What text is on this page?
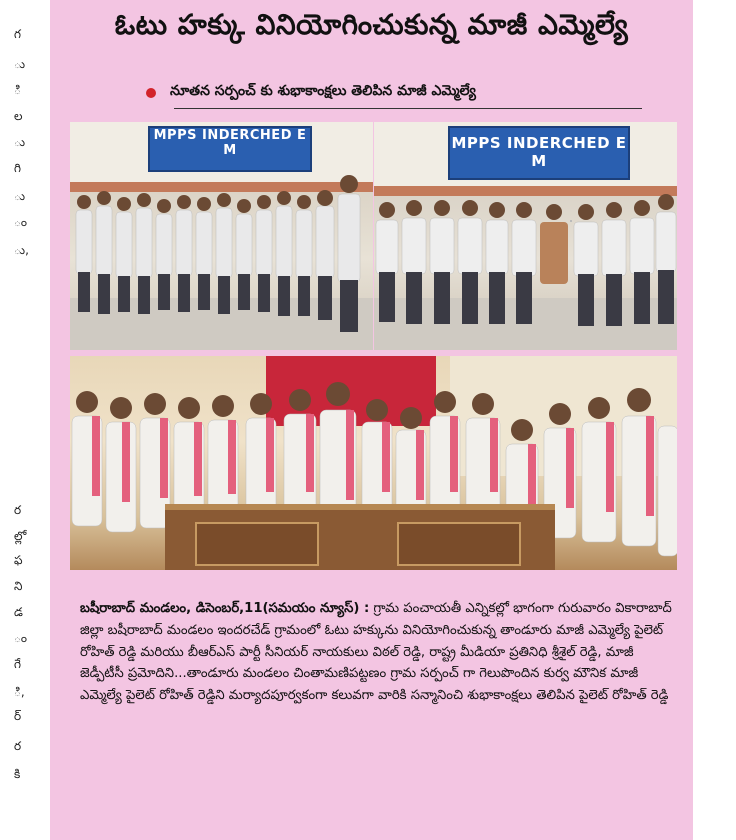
గ
ు
ి
ల
ు
గి
ు
ం
ు,
ర
ల్లో
ఫ
ని
డ
ం
గే
ి,
ర్
ర
కి
ఓటు హక్కు వినియోగించుకున్న మాజీ ఎమ్మెల్యే
నూతన సర్పంచ్ కు శుభాకాంక్షలు తెలిపిన మాజీ ఎమ్మెల్యే
MPPS INDERCHED E M	MPPS INDERCHED E M
బషీరాబాద్ మండలం, డిసెంబర్,11(సమయం న్యూస్) : గ్రామ పంచాయతీ ఎన్నికల్లో భాగంగా గురువారం వికారాబాద్ జిల్లా బషీరాబాద్ మండలం ఇందరచేడ్ గ్రామంలో ఓటు హక్కును వినియోగించుకున్న తాండూరు మాజీ ఎమ్మెల్యే పైలెట్ రోహిత్ రెడ్డి మరియు బీఆర్ఎస్ పార్టీ సీనియర్ నాయకులు విఠల్ రెడ్డి, రాష్ట్ర మీడియా ప్రతినిధి శ్రీశైల్ రెడ్డి, మాజీ జెడ్పీటీసీ ప్రమోదిని...తాండూరు మండలం చింతామణిపట్టణం గ్రామ సర్పంచ్ గా గెలుపొందిన కుర్వ మౌనిక మాజీ ఎమ్మెల్యే పైలెట్ రోహిత్ రెడ్డిని మర్యాదపూర్వకంగా కలువగా వారికి సన్మానించి శుభాకాంక్షలు తెలిపిన పైలెట్ రోహిత్ రెడ్డి
